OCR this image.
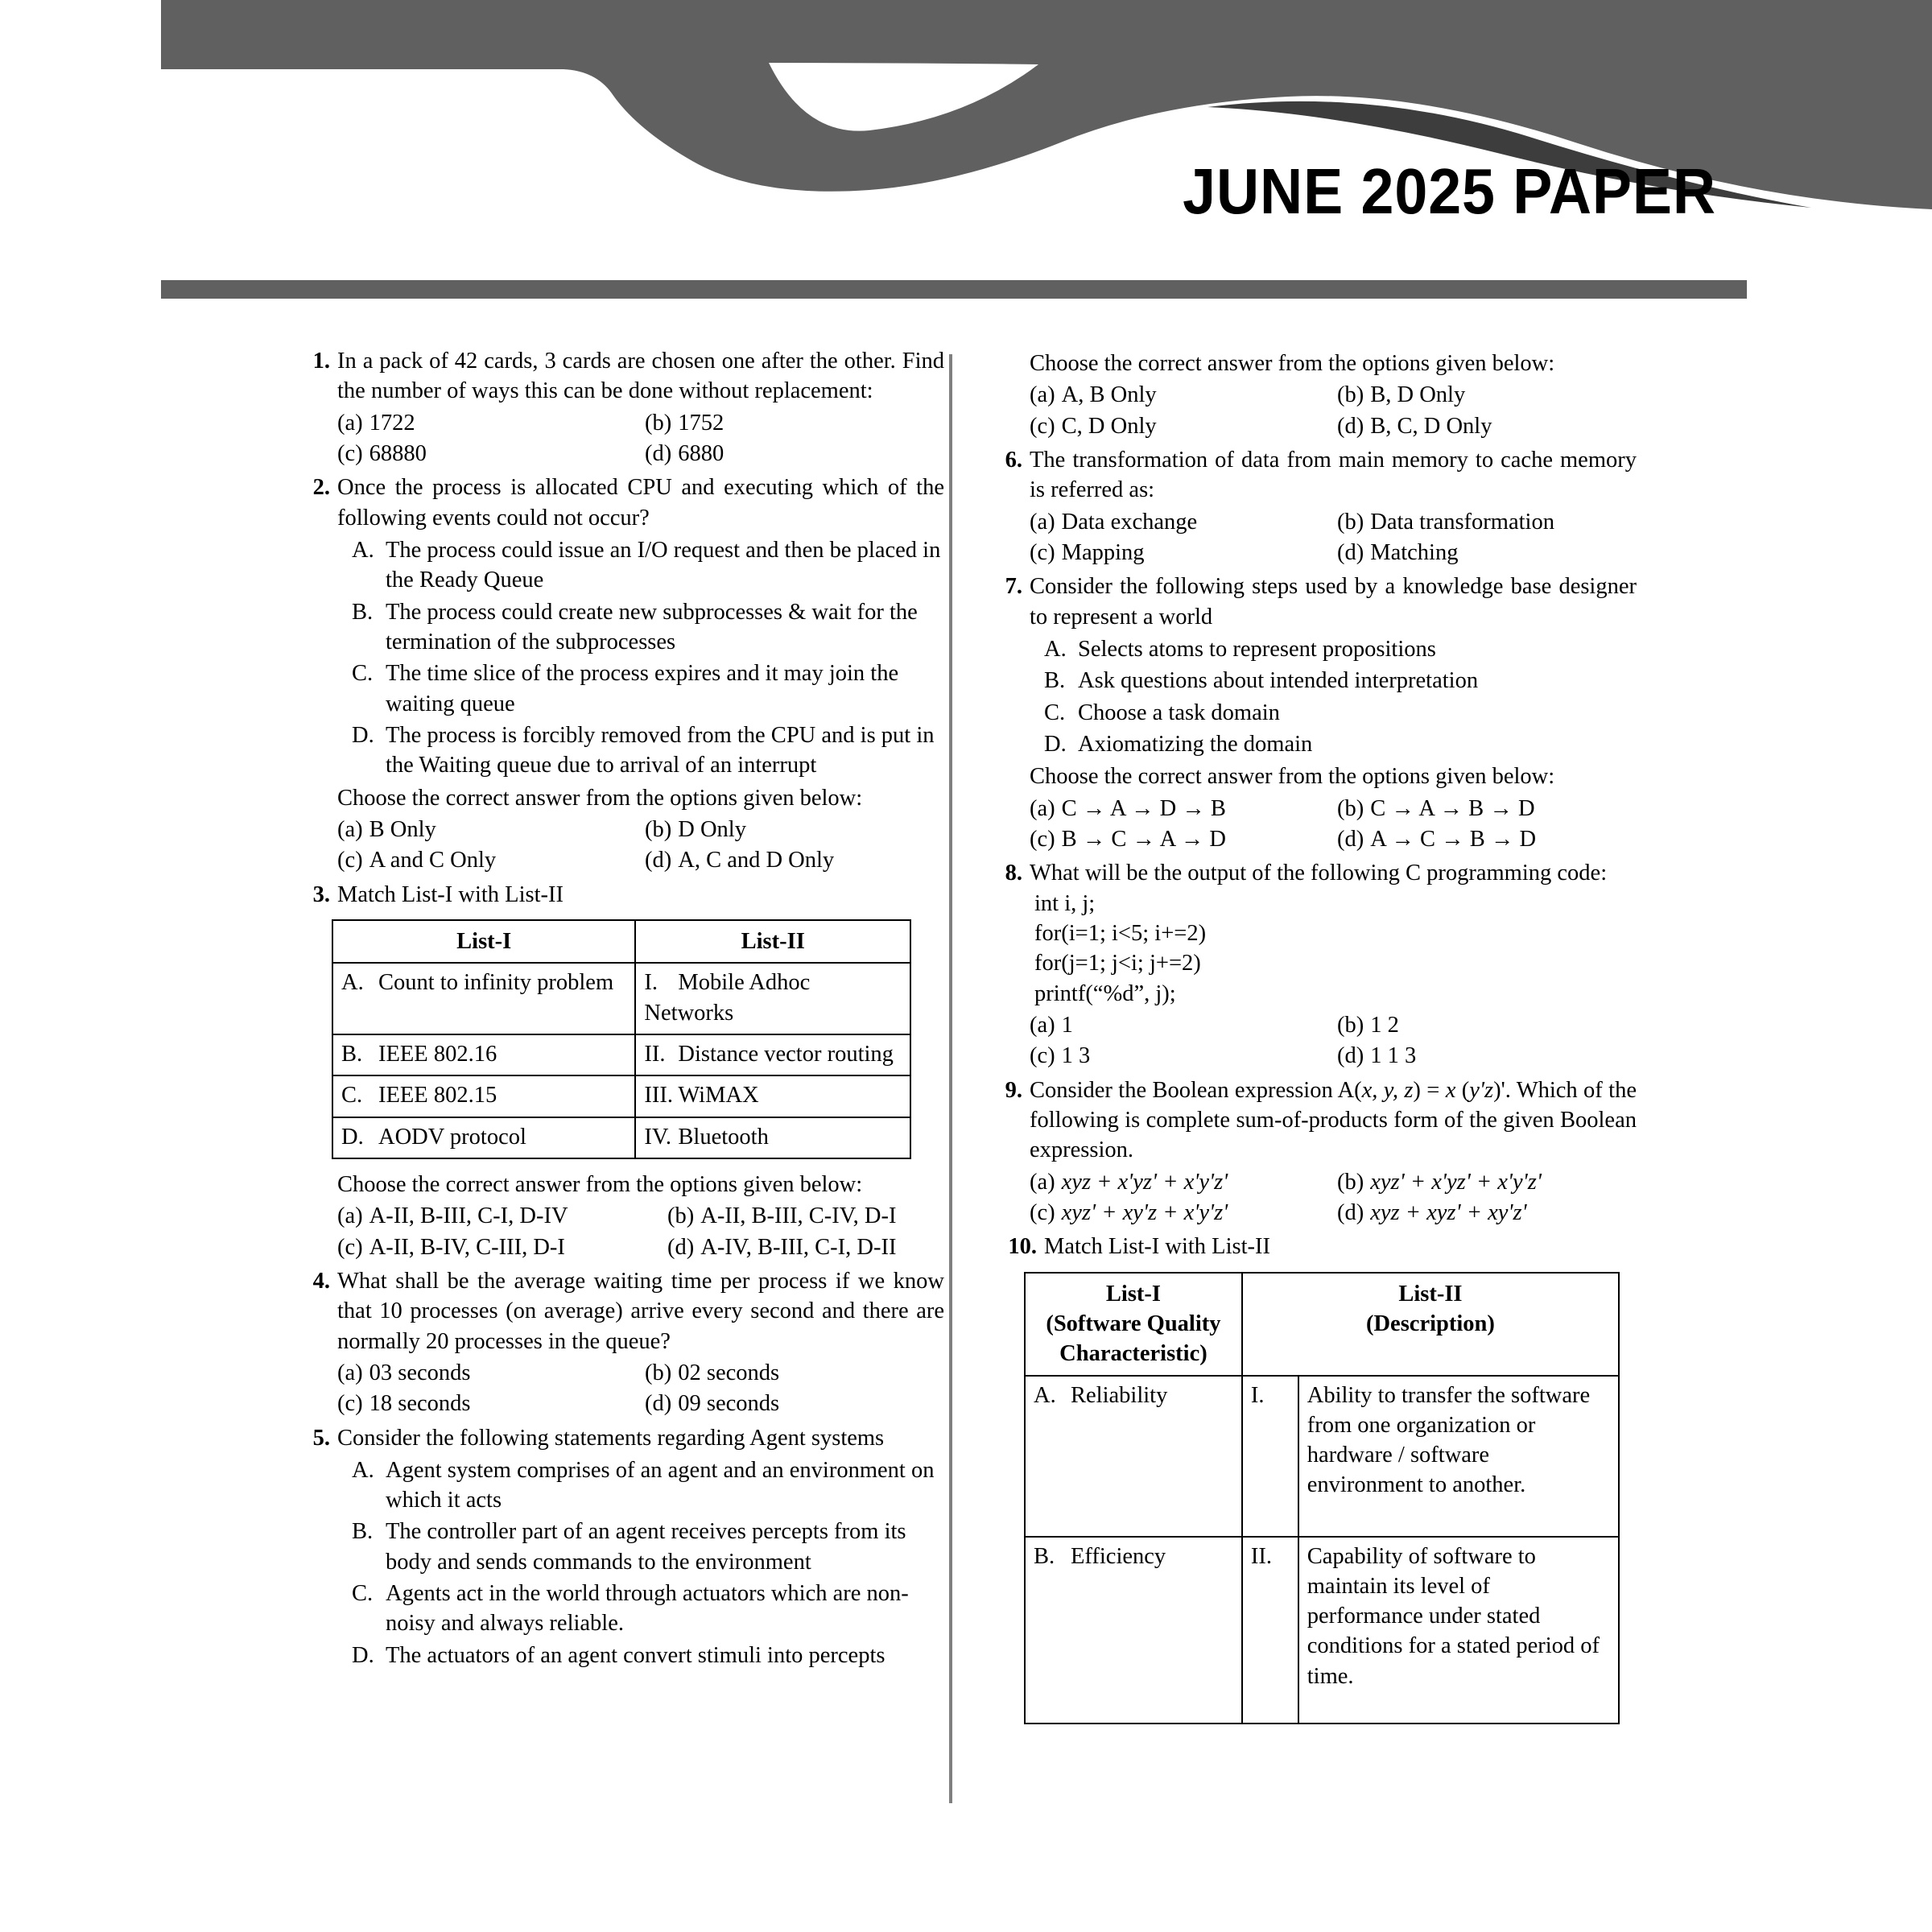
JUNE 2025 PAPER
1. In a pack of 42 cards, 3 cards are chosen one after the other. Find the number of ways this can be done without replacement:
(a) 1722	(b) 1752
(c) 68880	(d) 6880
2. Once the process is allocated CPU and executing which of the following events could not occur?
A. The process could issue an I/O request and then be placed in the Ready Queue
B. The process could create new subprocesses & wait for the termination of the subprocesses
C. The time slice of the process expires and it may join the waiting queue
D. The process is forcibly removed from the CPU and is put in the Waiting queue due to arrival of an interrupt
Choose the correct answer from the options given below:
(a) B Only	(b) D Only
(c) A and C Only	(d) A, C and D Only
3. Match List-I with List-II
List-I	List-II
A. Count to infinity problem	I. Mobile Adhoc Networks
B. IEEE 802.16	II. Distance vector routing
C. IEEE 802.15	III. WiMAX
D. AODV protocol	IV. Bluetooth
Choose the correct answer from the options given below:
(a) A-II, B-III, C-I, D-IV	(b) A-II, B-III, C-IV, D-I
(c) A-II, B-IV, C-III, D-I	(d) A-IV, B-III, C-I, D-II
4. What shall be the average waiting time per process if we know that 10 processes (on average) arrive every second and there are normally 20 processes in the queue?
(a) 03 seconds	(b) 02 seconds
(c) 18 seconds	(d) 09 seconds
5. Consider the following statements regarding Agent systems
A. Agent system comprises of an agent and an environment on which it acts
B. The controller part of an agent receives percepts from its body and sends commands to the environment
C. Agents act in the world through actuators which are non-noisy and always reliable.
D. The actuators of an agent convert stimuli into percepts
Choose the correct answer from the options given below:
(a) A, B Only	(b) B, D Only
(c) C, D Only	(d) B, C, D Only
6. The transformation of data from main memory to cache memory is referred as:
(a) Data exchange	(b) Data transformation
(c) Mapping	(d) Matching
7. Consider the following steps used by a knowledge base designer to represent a world
A. Selects atoms to represent propositions
B. Ask questions about intended interpretation
C. Choose a task domain
D. Axiomatizing the domain
Choose the correct answer from the options given below:
(a) C → A → D → B	(b) C → A → B → D
(c) B → C → A → D	(d) A → C → B → D
8. What will be the output of the following C programming code:
int i, j;
for(i=1; i<5; i+=2)
for(j=1; j<i; j+=2)
printf(“%d”, j);
(a) 1	(b) 1 2
(c) 1 3	(d) 1 1 3
9. Consider the Boolean expression A(x, y, z) = x (y'z)'. Which of the following is complete sum-of-products form of the given Boolean expression.
(a) xyz + x'yz' + x'y'z'	(b) xyz' + x'yz' + x'y'z'
(c) xyz' + xy'z + x'y'z'	(d) xyz + xyz' + xy'z'
10. Match List-I with List-II
List-I
(Software Quality
Characteristic)

List-II
(Description)

A. Reliability	I.	Ability to transfer the software from one organization or hardware / software environment to another.
B. Efficiency	II.	Capability of software to maintain its level of performance under stated conditions for a stated period of time.
